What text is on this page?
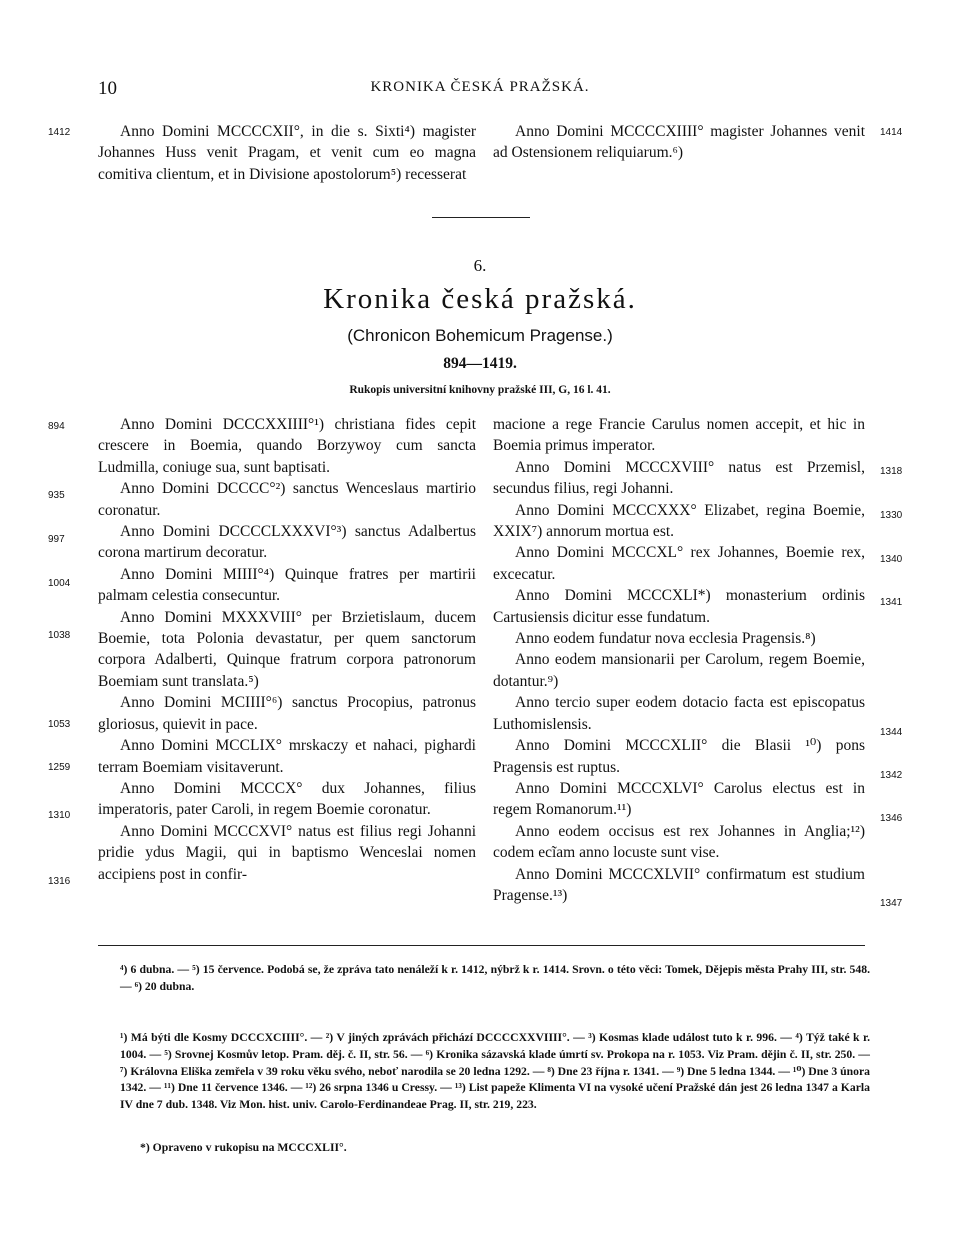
10	KRONIKA ČESKÁ PRAŽSKÁ.
1412	Anno Domini MCCCCXII°, in die s. Sixti⁴) magister Johannes Huss venit Pragam, et venit cum eo magna comitiva clientum, et in Divisione apostolorum⁵) recesserat

1414

Anno Domini MCCCCXIIII° magister Johannes venit ad Ostensionem reliquiarum.⁶)

6.
Kronika česká pražská.
(Chronicon Bohemicum Pragense.)
894—1419.
Rukopis universitní knihovny pražské III, G, 16 l. 41.

Anno Domini DCCCXXIIII°¹) christiana fides cepit crescere in Boemia, quando Borzywoy cum sancta Ludmilla, coniuge sua, sunt baptisati.

Anno Domini DCCCC°²) sanctus Wenceslaus martirio coronatur.

Anno Domini DCCCCLXXXVI°³) sanctus Adalbertus corona martirum decoratur.

Anno Domini MIIII°⁴) Quinque fratres per martirii palmam celestia consecuntur.

Anno Domini MXXXVIII° per Brzietislaum, ducem Boemie, tota Polonia devastatur, per quem sanctorum corpora Adalberti, Quinque fratrum corpora patronorum Boemiam sunt translata.⁵)

Anno Domini MCIIII°⁶) sanctus Procopius, patronus gloriosus, quievit in pace.

Anno Domini MCCLIX° mrskaczy et nahaci, pighardi terram Boemiam visitaverunt.

Anno Domini MCCCX° dux Johannes, filius imperatoris, pater Caroli, in regem Boemie coronatur.

Anno Domini MCCCXVI° natus est filius regi Johanni pridie ydus Magii, qui in baptismo Wenceslai nomen accipiens post in confir-

894
935
997
1004
1038
1053
1259
1310
1316

macione a rege Francie Carulus nomen accepit, et hic in Boemia primus imperator.

Anno Domini MCCCXVIII° natus est Przemisl, secundus filius, regi Johanni.

Anno Domini MCCCXXX° Elizabet, regina Boemie, XXIX⁷) annorum mortua est.

Anno Domini MCCCXL° rex Johannes, Boemie rex, excecatur.

Anno Domini MCCCXLI*) monasterium ordinis Cartusiensis dicitur esse fundatum.

Anno eodem fundatur nova ecclesia Pragensis.⁸)

Anno eodem mansionarii per Carolum, regem Boemie, dotantur.⁹)

Anno tercio super eodem dotacio facta est episcopatus Luthomislensis.

Anno Domini MCCCXLII° die Blasii ¹⁰) pons Pragensis est ruptus.

Anno Domini MCCCXLVI° Carolus electus est in regem Romanorum.¹¹)

Anno eodem occisus est rex Johannes in Anglia;¹²) codem ecĩam anno locuste sunt vise.

Anno Domini MCCCXLVII° confirmatum est studium Pragense.¹³)

1318
1330
1340
1341
1344
1342
1346
1347
⁴) 6 dubna. — ⁵) 15 července. Podobá se, že zpráva tato nenáleží k r. 1412, nýbrž k r. 1414. Srovn. o této věci: Tomek, Dějepis města Prahy III, str. 548. — ⁶) 20 dubna.
¹) Má býti dle Kosmy DCCCXCIIII°. — ²) V jiných zprávách přichází DCCCCXXVIIII°. — ³) Kosmas klade událost tuto k r. 996. — ⁴) Týž také k r. 1004. — ⁵) Srovnej Kosmův letop. Pram. děj. č. II, str. 56. — ⁶) Kronika sázavská klade úmrtí sv. Prokopa na r. 1053. Viz Pram. dějin č. II, str. 250. — ⁷) Královna Eliška zemřela v 39 roku věku svého, neboť narodila se 20 ledna 1292. — ⁸) Dne 23 října r. 1341. — ⁹) Dne 5 ledna 1344. — ¹⁰) Dne 3 února 1342. — ¹¹) Dne 11 července 1346. — ¹²) 26 srpna 1346 u Cressy. — ¹³) List papeže Klimenta VI na vysoké učení Pražské dán jest 26 ledna 1347 a Karla IV dne 7 dub. 1348. Viz Mon. hist. univ. Carolo-Ferdinandeae Prag. II, str. 219, 223.
*) Opraveno v rukopisu na MCCCXLII°.
